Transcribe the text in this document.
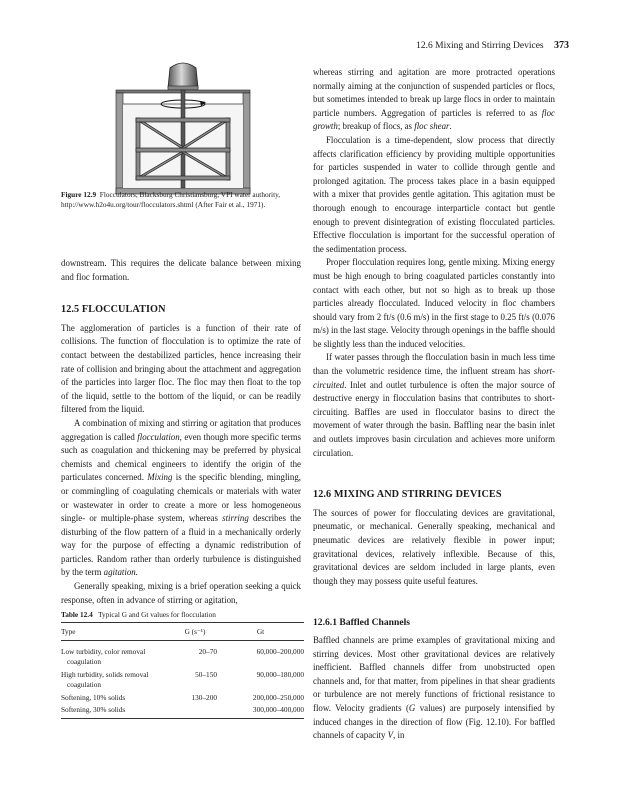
12.6 Mixing and Stirring Devices 373
Figure 12.9 Flocculators, Blacksburg Christiansburg, VPI water authority, http://www.h2o4u.org/tour/flocculators.shtml (After Fair et al., 1971).

downstream. This requires the delicate balance between mixing and floc formation.

12.5 FLOCCULATION

The agglomeration of particles is a function of their rate of collisions. The function of flocculation is to optimize the rate of contact between the destabilized particles, hence increasing their rate of collision and bringing about the attachment and aggregation of the particles into larger floc. The floc may then float to the top of the liquid, settle to the bottom of the liquid, or can be readily filtered from the liquid.

A combination of mixing and stirring or agitation that produces aggregation is called flocculation, even though more specific terms such as coagulation and thickening may be preferred by physical chemists and chemical engineers to identify the origin of the particulates concerned. Mixing is the specific blending, mingling, or commingling of coagulating chemicals or materials with water or wastewater in order to create a more or less homogeneous single- or multiple-phase system, whereas stirring describes the disturbing of the flow pattern of a fluid in a mechanically orderly way for the purpose of effecting a dynamic redistribution of particles. Random rather than orderly turbulence is distinguished by the term agitation.

Generally speaking, mixing is a brief operation seeking a quick response, often in advance of stirring or agitation,

Table 12.4 Typical G and Gt values for flocculation
Type	G (s⁻¹)	Gt
Low turbidity, color removal
coagulation	20–70	60,000–200,000
High turbidity, solids removal
coagulation	50–150	90,000–180,000
Softening, 10% solids	130–200	200,000–250,000
Softening, 30% solids		300,000–400,000

whereas stirring and agitation are more protracted operations normally aiming at the conjunction of suspended particles or flocs, but sometimes intended to break up large flocs in order to maintain particle numbers. Aggregation of particles is referred to as floc growth; breakup of flocs, as floc shear.

Flocculation is a time-dependent, slow process that directly affects clarification efficiency by providing multiple opportunities for particles suspended in water to collide through gentle and prolonged agitation. The process takes place in a basin equipped with a mixer that provides gentle agitation. This agitation must be thorough enough to encourage interparticle contact but gentle enough to prevent disintegration of existing flocculated particles. Effective flocculation is important for the successful operation of the sedimentation process.

Proper flocculation requires long, gentle mixing. Mixing energy must be high enough to bring coagulated particles constantly into contact with each other, but not so high as to break up those particles already flocculated. Induced velocity in floc chambers should vary from 2 ft/s (0.6 m/s) in the first stage to 0.25 ft/s (0.076 m/s) in the last stage. Velocity through openings in the baffle should be slightly less than the induced velocities.

If water passes through the flocculation basin in much less time than the volumetric residence time, the influent stream has short-circuited. Inlet and outlet turbulence is often the major source of destructive energy in flocculation basins that contributes to short-circuiting. Baffles are used in flocculator basins to direct the movement of water through the basin. Baffling near the basin inlet and outlets improves basin circulation and achieves more uniform circulation.

12.6 MIXING AND STIRRING DEVICES

The sources of power for flocculating devices are gravitational, pneumatic, or mechanical. Generally speaking, mechanical and pneumatic devices are relatively flexible in power input; gravitational devices, relatively inflexible. Because of this, gravitational devices are seldom included in large plants, even though they may possess quite useful features.

12.6.1 Baffled Channels

Baffled channels are prime examples of gravitational mixing and stirring devices. Most other gravitational devices are relatively inefficient. Baffled channels differ from unobstructed open channels and, for that matter, from pipelines in that shear gradients or turbulence are not merely functions of frictional resistance to flow. Velocity gradients (G values) are purposely intensified by induced changes in the direction of flow (Fig. 12.10). For baffled channels of capacity V, in
